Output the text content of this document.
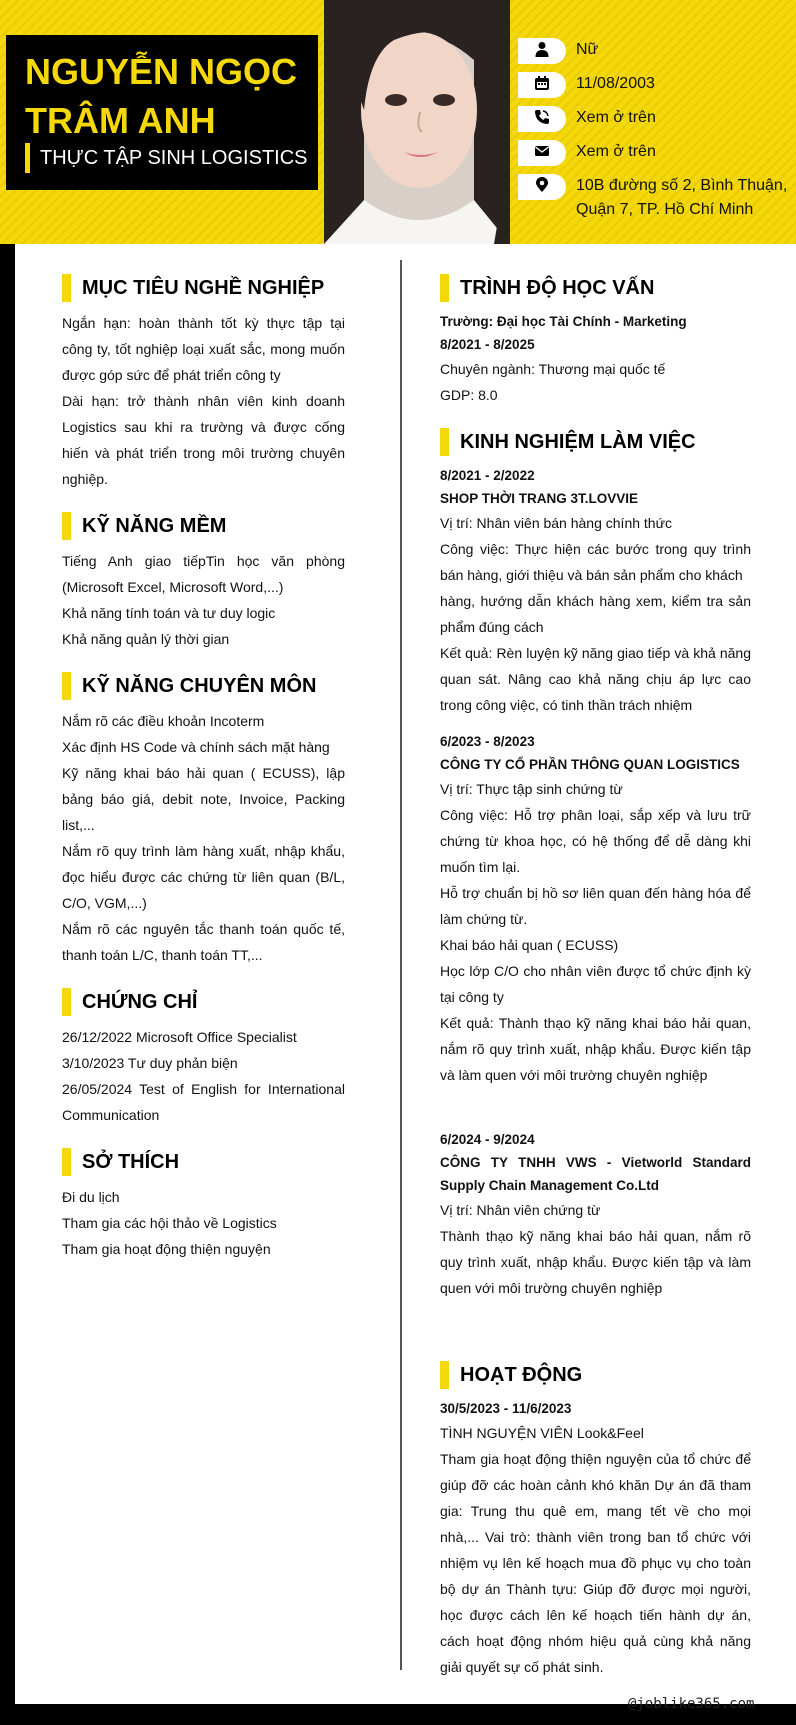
NGUYỄN NGỌC
TRÂM ANH
THỰC TẬP SINH LOGISTICS
Nữ
11/08/2003
Xem ở trên
Xem ở trên
10B đường số 2, Bình Thuận, Quận 7, TP. Hồ Chí Minh
MỤC TIÊU NGHỀ NGHIỆP

Ngắn hạn: hoàn thành tốt kỳ thực tập tại công ty, tốt nghiệp loại xuất sắc, mong muốn được góp sức để phát triển công ty

Dài hạn: trở thành nhân viên kinh doanh Logistics sau khi ra trường và được cống hiến và phát triển trong môi trường chuyên nghiệp.

KỸ NĂNG MỀM

Tiếng Anh giao tiếpTin học văn phòng (Microsoft Excel, Microsoft Word,...)

Khả năng tính toán và tư duy logic

Khả năng quản lý thời gian

KỸ NĂNG CHUYÊN MÔN

Nắm rõ các điều khoản Incoterm

Xác định HS Code và chính sách mặt hàng

Kỹ năng khai báo hải quan ( ECUSS), lập bảng báo giá, debit note, Invoice, Packing list,...

Nắm rõ quy trình làm hàng xuất, nhập khẩu, đọc hiểu được các chứng từ liên quan (B/L, C/O, VGM,...)

Nắm rõ các nguyên tắc thanh toán quốc tế, thanh toán L/C, thanh toán TT,...

CHỨNG CHỈ

26/12/2022 Microsoft Office Specialist

3/10/2023 Tư duy phản biện

26/05/2024 Test of English for International Communication

SỞ THÍCH

Đi du lịch

Tham gia các hội thảo về Logistics

Tham gia hoạt động thiện nguyện

TRÌNH ĐỘ HỌC VẤN

Trường: Đại học Tài Chính - Marketing

8/2021 - 8/2025

Chuyên ngành: Thương mại quốc tế

GDP: 8.0

KINH NGHIỆM LÀM VIỆC

8/2021 - 2/2022

SHOP THỜI TRANG 3T.LOVVIE

Vị trí: Nhân viên bán hàng chính thức

Công việc: Thực hiện các bước trong quy trình bán hàng, giới thiệu và bán sản phẩm cho khách

hàng, hướng dẫn khách hàng xem, kiểm tra sản phẩm đúng cách

Kết quả: Rèn luyện kỹ năng giao tiếp và khả năng quan sát. Nâng cao khả năng chịu áp lực cao trong công việc, có tinh thần trách nhiệm

6/2023 - 8/2023

CÔNG TY CỔ PHẦN THÔNG QUAN LOGISTICS

Vị trí: Thực tập sinh chứng từ

Công việc: Hỗ trợ phân loại, sắp xếp và lưu trữ chứng từ khoa học, có hệ thống để dễ dàng khi muốn tìm lại.

Hỗ trợ chuẩn bị hồ sơ liên quan đến hàng hóa để làm chứng từ.

Khai báo hải quan ( ECUSS)

Học lớp C/O cho nhân viên được tổ chức định kỳ tại công ty

Kết quả: Thành thạo kỹ năng khai báo hải quan, nắm rõ quy trình xuất, nhập khẩu. Được kiến tập và làm quen với môi trường chuyên nghiệp

6/2024 - 9/2024

CÔNG TY TNHH VWS - Vietworld Standard Supply Chain Management Co.Ltd

Vị trí: Nhân viên chứng từ

Thành thạo kỹ năng khai báo hải quan, nắm rõ quy trình xuất, nhập khẩu. Được kiến tập và làm quen với môi trường chuyên nghiệp

HOẠT ĐỘNG

30/5/2023 - 11/6/2023

TÌNH NGUYỆN VIÊN Look&Feel

Tham gia hoạt động thiện nguyện của tổ chức để giúp đỡ các hoàn cảnh khó khăn Dự án đã tham gia: Trung thu quê em, mang tết về cho mọi nhà,... Vai trò: thành viên trong ban tổ chức với nhiệm vụ lên kế hoạch mua đồ phục vụ cho toàn bộ dự án Thành tựu: Giúp đỡ được mọi người, học được cách lên kế hoạch tiến hành dự án, cách hoạt động nhóm hiệu quả cùng khả năng giải quyết sự cố phát sinh.

@joblike365.com
